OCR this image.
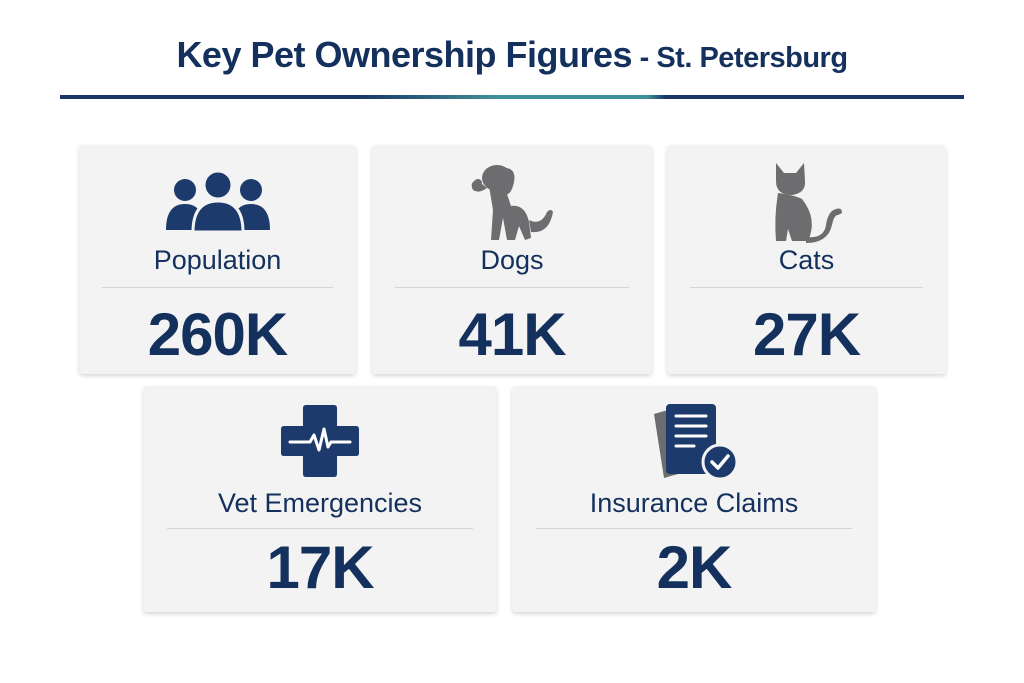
Key Pet Ownership Figures - St. Petersburg
Population
260K
Dogs
41K
Cats
27K
Vet Emergencies
17K
Insurance Claims
2K
